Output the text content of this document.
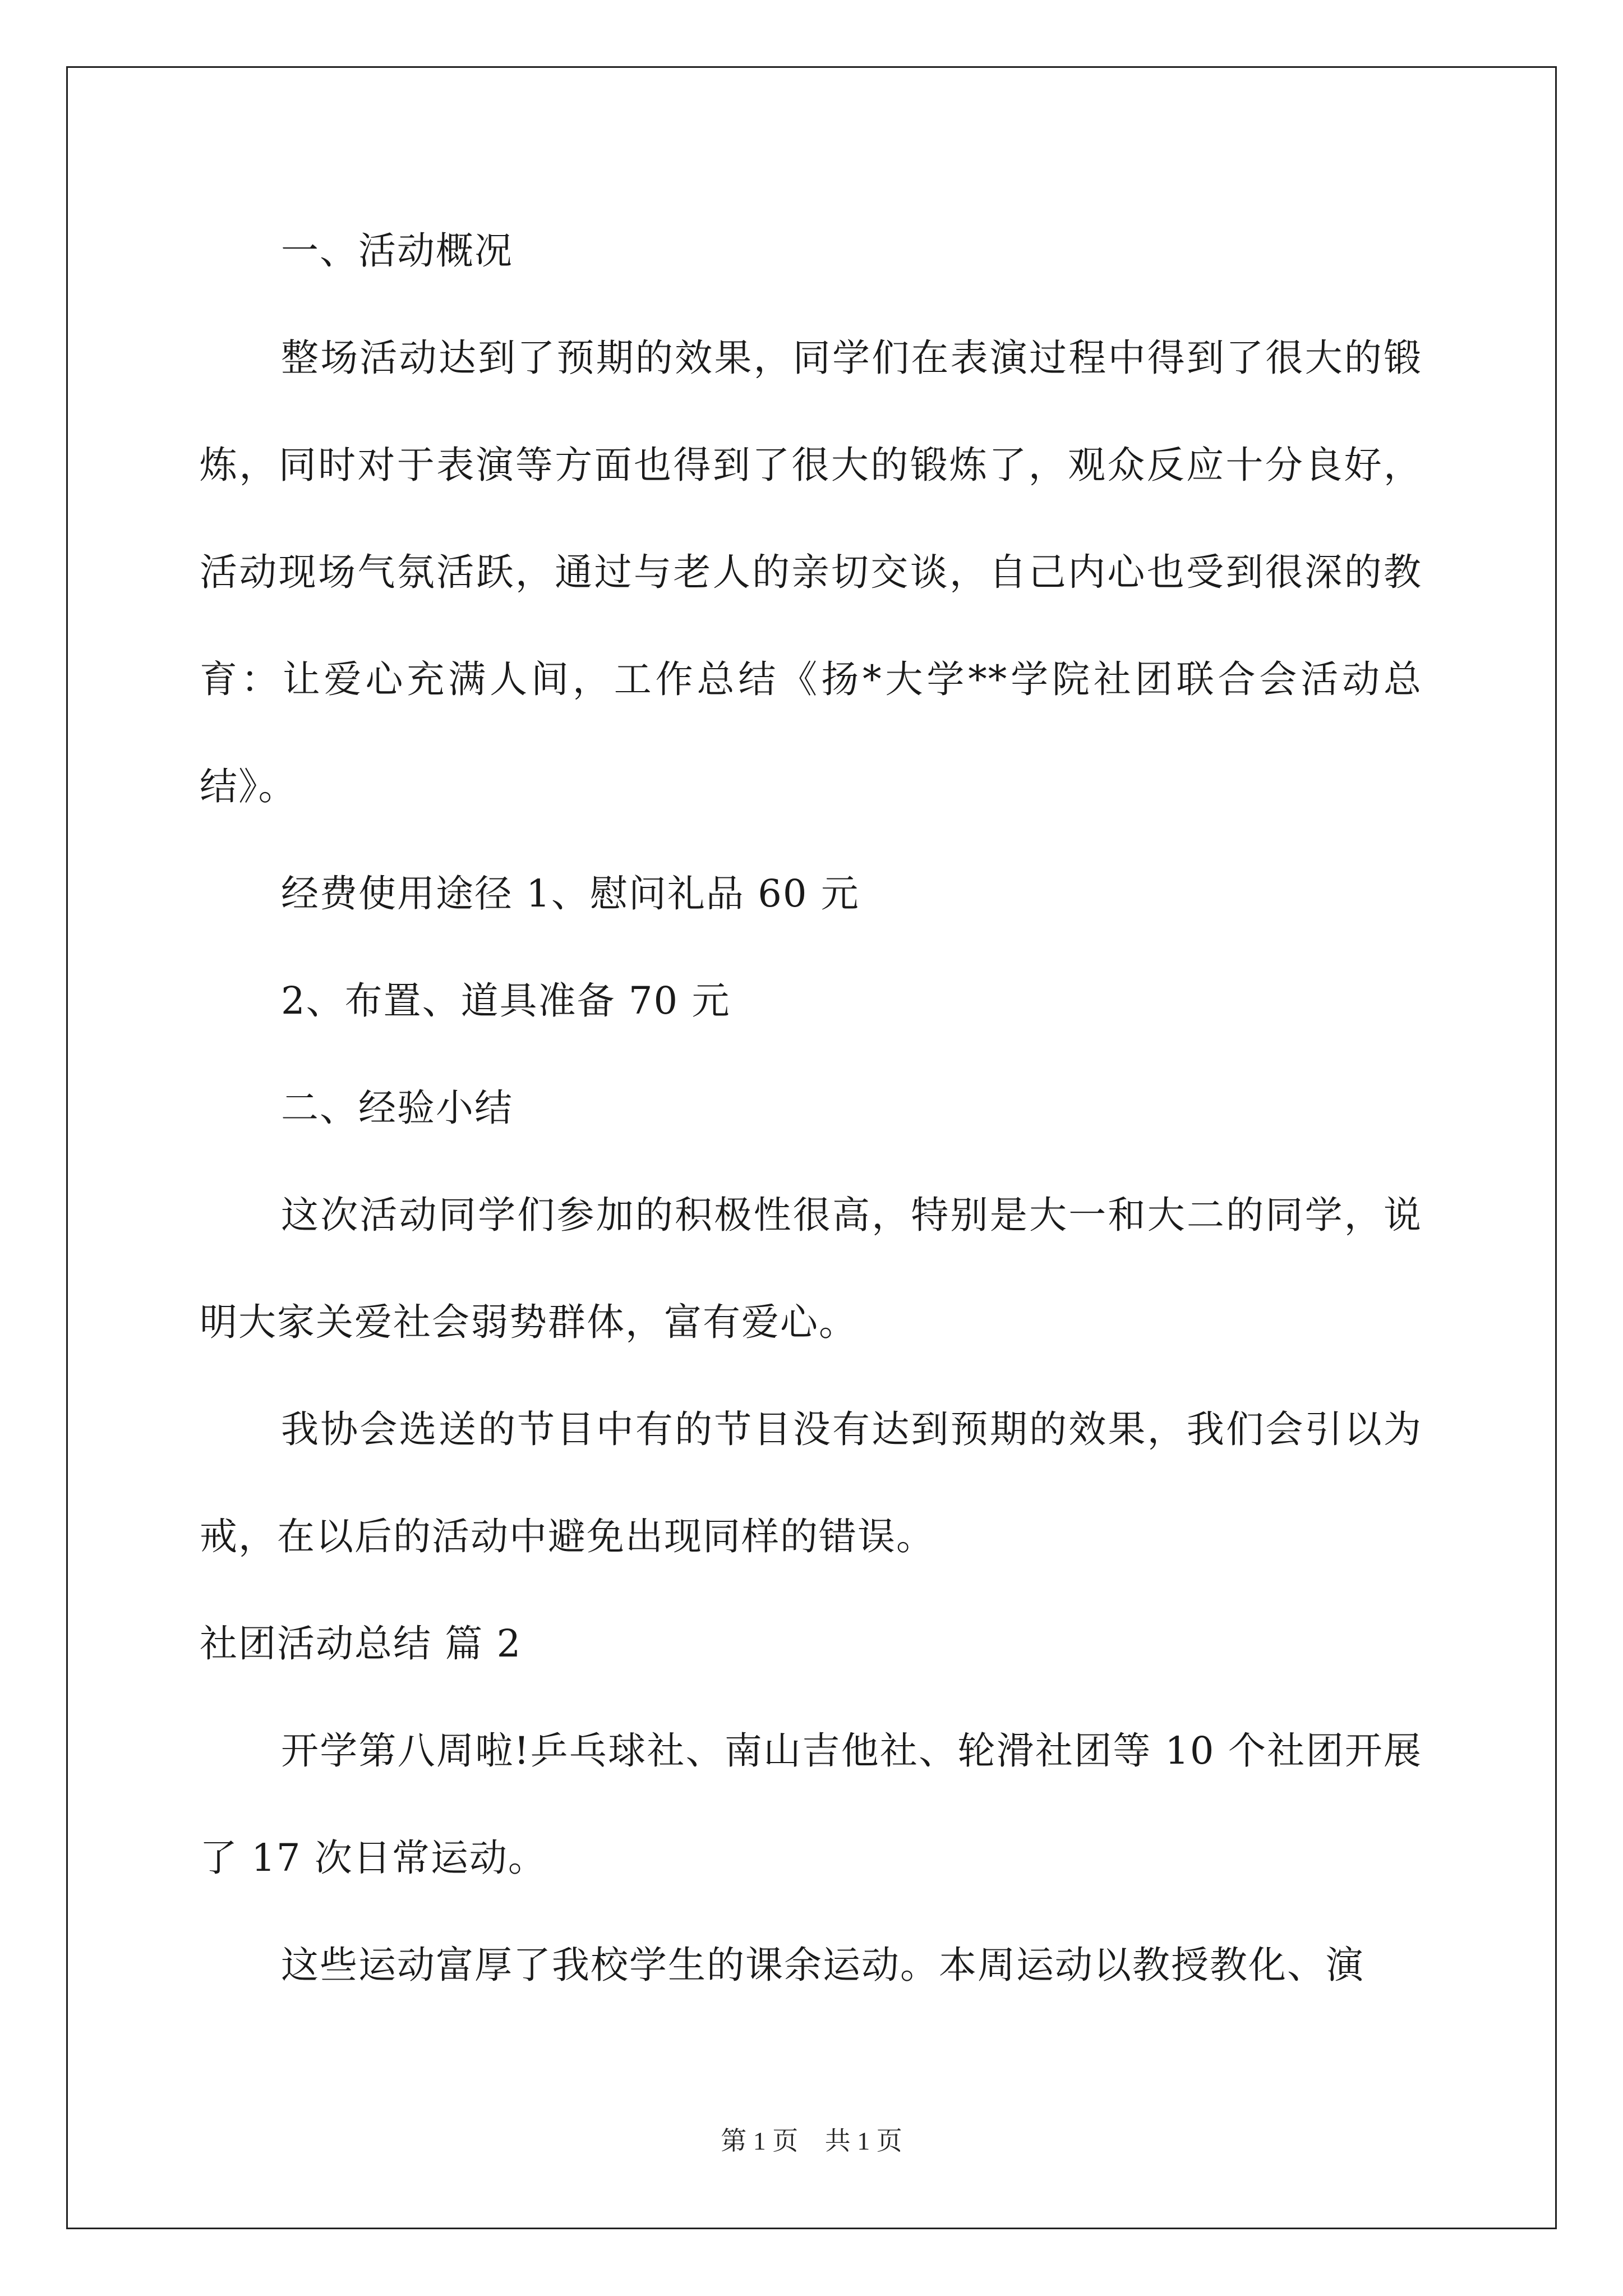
一、活动概况

整场活动达到了预期的效果，同学们在表演过程中得到了很大的锻炼，同时对于表演等方面也得到了很大的锻炼了，观众反应十分良好，活动现场气氛活跃，通过与老人的亲切交谈，自己内心也受到很深的教育：让爱心充满人间，工作总结《扬*大学**学院社团联合会活动总结》。

经费使用途径 1、慰问礼品 60 元

2、布置、道具准备 70 元

二、经验小结

这次活动同学们参加的积极性很高，特别是大一和大二的同学，说明大家关爱社会弱势群体，富有爱心。

我协会选送的节目中有的节目没有达到预期的效果，我们会引以为戒，在以后的活动中避免出现同样的错误。

社团活动总结 篇 2

开学第八周啦!乒乓球社、南山吉他社、轮滑社团等 10 个社团开展了 17 次日常运动。

这些运动富厚了我校学生的课余运动。本周运动以教授教化、演

第 1 页 共 1 页
